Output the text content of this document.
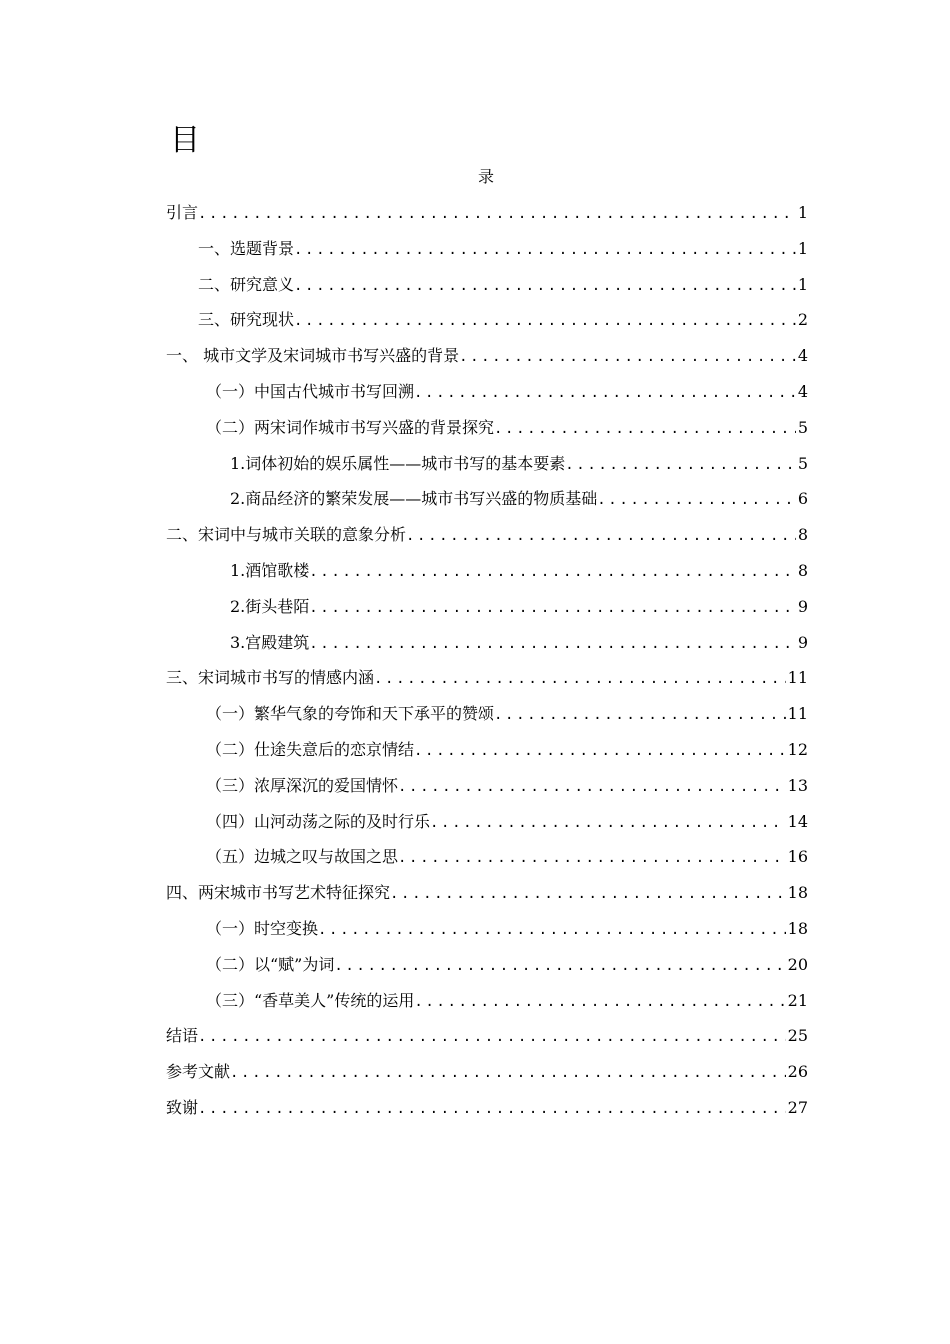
目
录
引言 .....	1
一、选题背景 .....	1
二、研究意义 .....	1
三、研究现状 .....	2
一、 城市文学及宋词城市书写兴盛的背景 .....	4
（一）中国古代城市书写回溯 .....	4
（二）两宋词作城市书写兴盛的背景探究 .....	5
1.词体初始的娱乐属性——城市书写的基本要素 .....	5
2.商品经济的繁荣发展——城市书写兴盛的物质基础 .....	6
二、宋词中与城市关联的意象分析 .....	8
1.酒馆歌楼 .....	8
2.街头巷陌 .....	9
3.宫殿建筑 .....	9
三、宋词城市书写的情感内涵 .....	11
（一）繁华气象的夸饰和天下承平的赞颂 .....	11
（二）仕途失意后的恋京情结 .....	12
（三）浓厚深沉的爱国情怀 .....	13
（四）山河动荡之际的及时行乐 .....	14
（五）边城之叹与故国之思 .....	16
四、两宋城市书写艺术特征探究 .....	18
（一）时空变换 .....	18
（二）以“赋”为词 .....	20
（三）“香草美人”传统的运用 .....	21
结语 .....	25
参考文献 .....	26
致谢 .....	27
